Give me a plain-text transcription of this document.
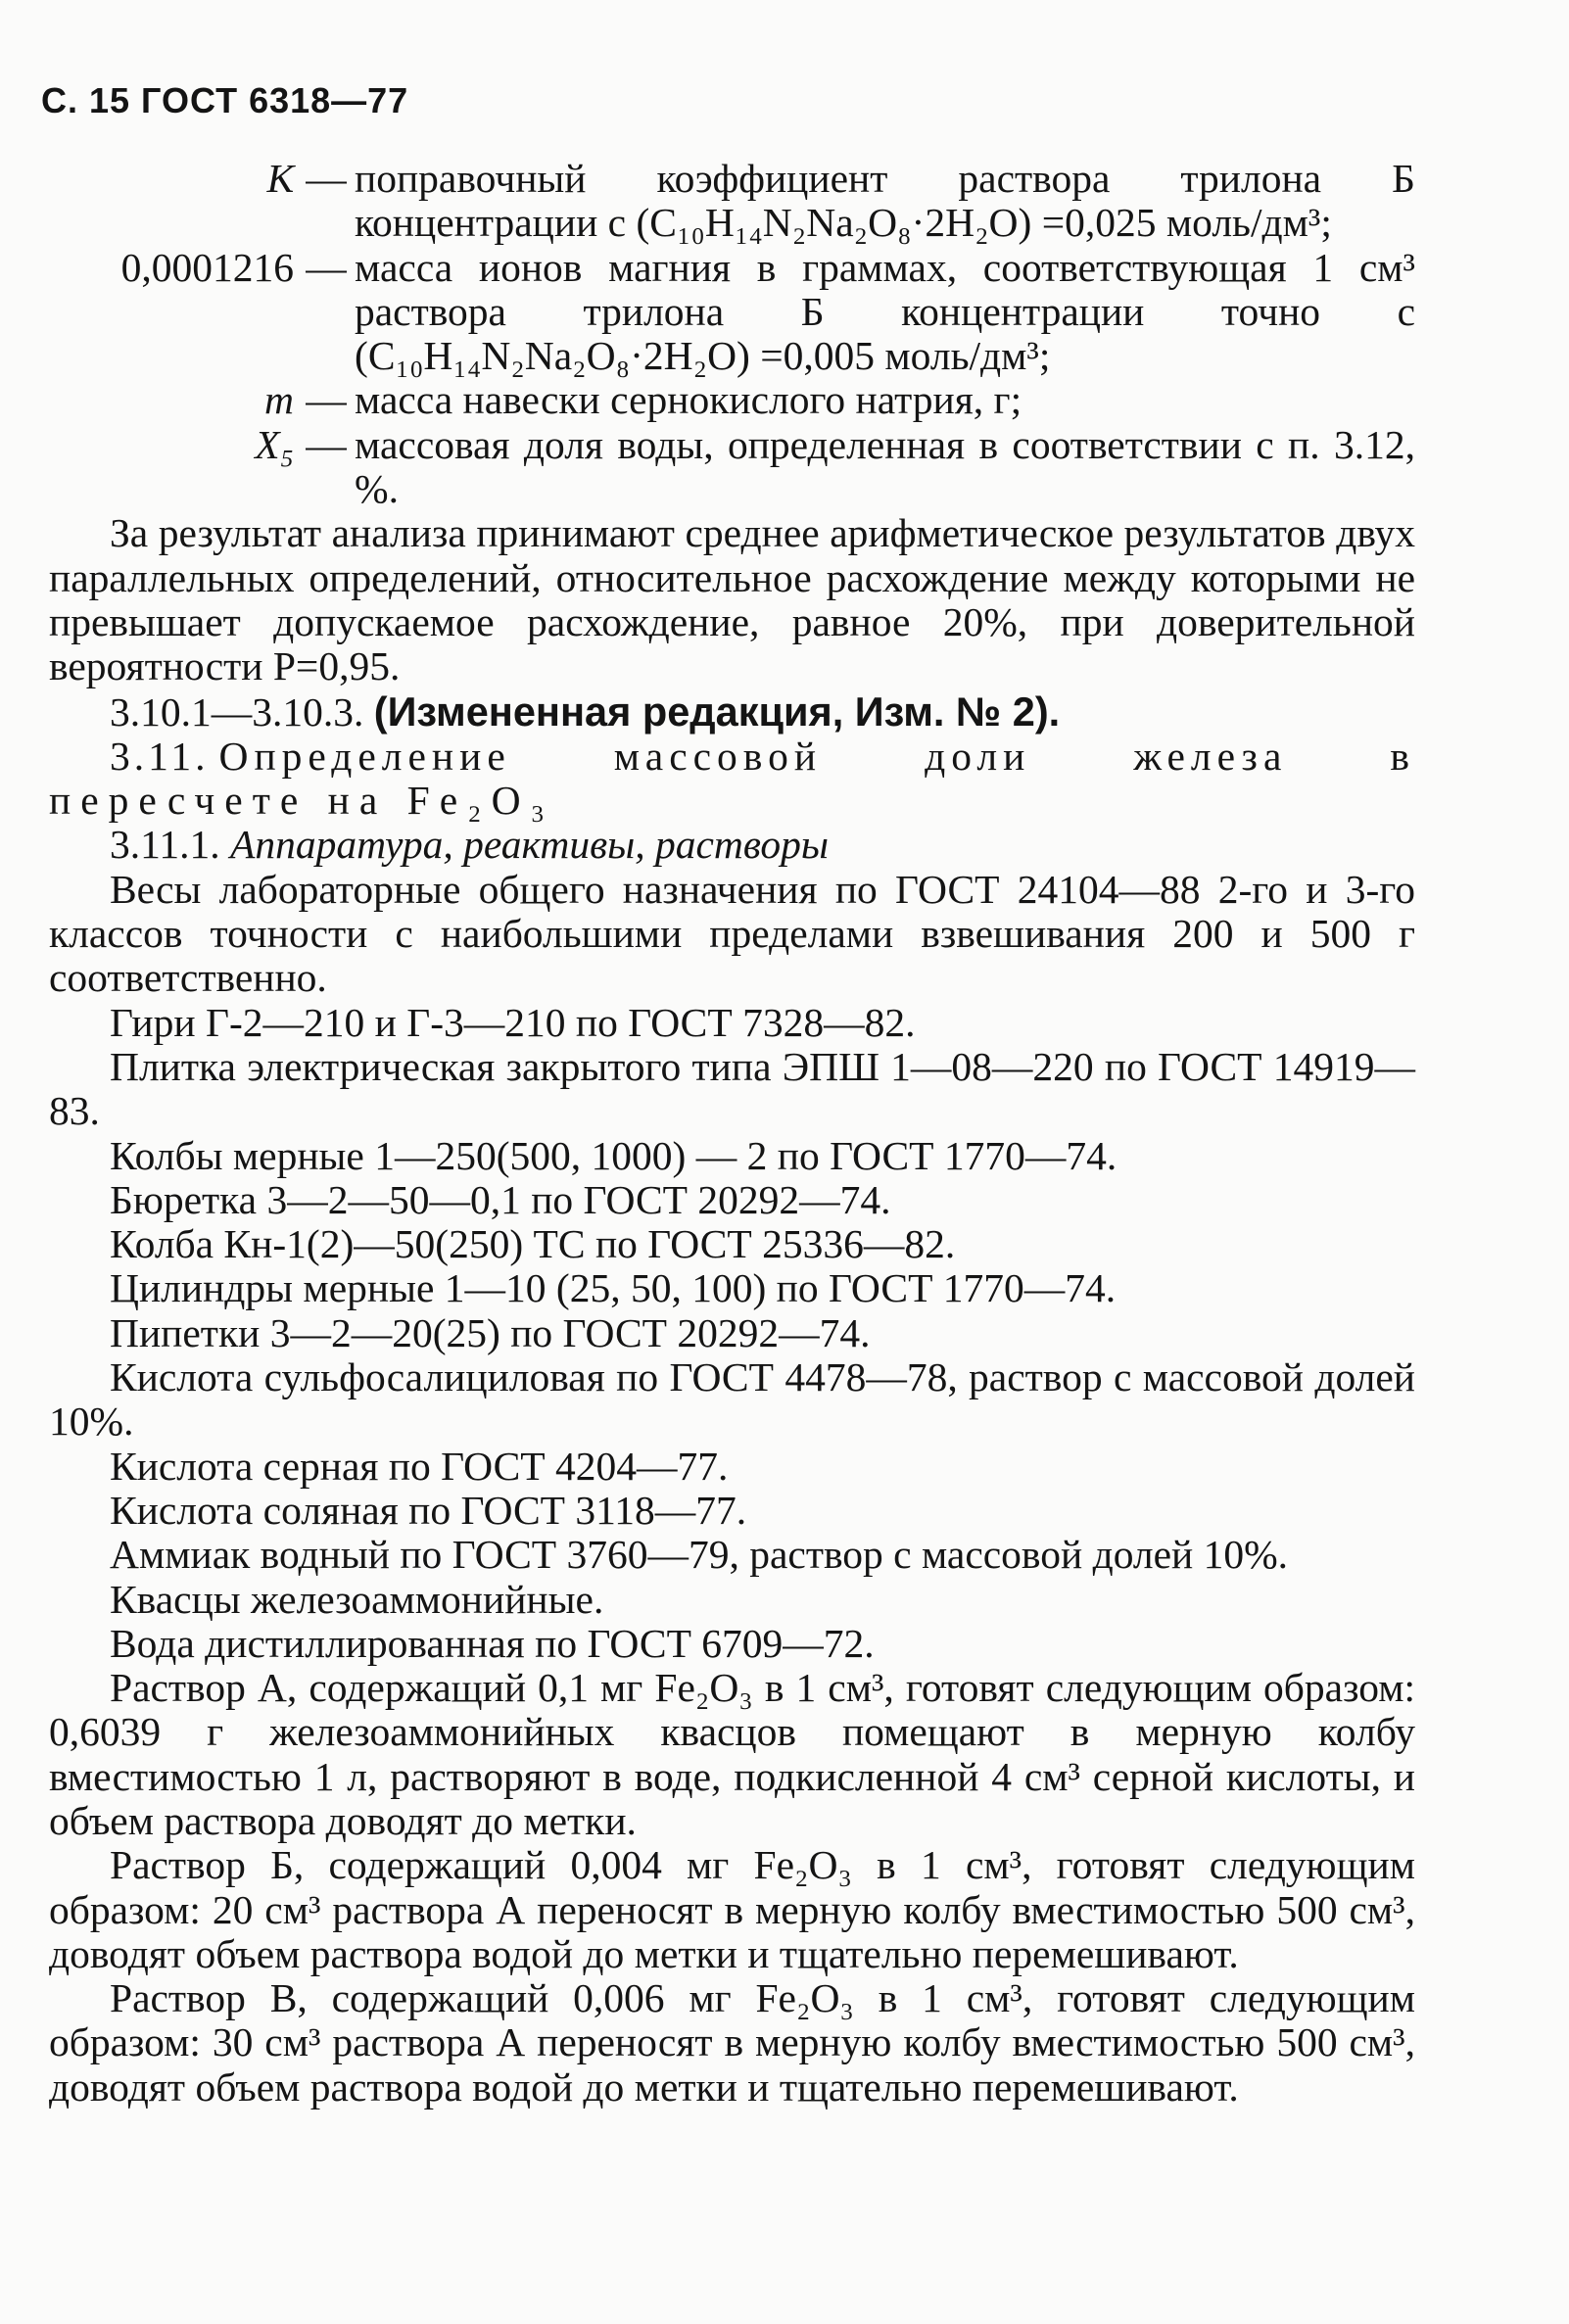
С. 15 ГОСТ 6318—77
К — поправочный коэффициент раствора трилона Б концентрации c (C₁₀H₁₄N₂Na₂O₈·2H₂O) =0,025 моль/дм³;
0,0001216 — масса ионов магния в граммах, соответствующая 1 см³ раствора трилона Б концентрации точно c (C₁₀H₁₄N₂Na₂O₈·2H₂O) =0,005 моль/дм³;
m — масса навески сернокислого натрия, г;
X₅ — массовая доля воды, определенная в соответствии с п. 3.12, %.

За результат анализа принимают среднее арифметическое результатов двух параллельных определений, относительное расхождение между которыми не превышает допускаемое расхождение, равное 20%, при доверительной вероятности P=0,95.

3.10.1—3.10.3. (Измененная редакция, Изм. № 2).

3.11. Определение массовой доли железа в

пересчете на Fe₂O₃

3.11.1. Аппаратура, реактивы, растворы

Весы лабораторные общего назначения по ГОСТ 24104—88 2-го и 3-го классов точности с наибольшими пределами взвешивания 200 и 500 г соответственно.

Гири Г-2—210 и Г-3—210 по ГОСТ 7328—82.

Плитка электрическая закрытого типа ЭПШ 1—08—220 по ГОСТ 14919—83.

Колбы мерные 1—250(500, 1000) — 2 по ГОСТ 1770—74.

Бюретка 3—2—50—0,1 по ГОСТ 20292—74.

Колба Кн-1(2)—50(250) ТС по ГОСТ 25336—82.

Цилиндры мерные 1—10 (25, 50, 100) по ГОСТ 1770—74.

Пипетки 3—2—20(25) по ГОСТ 20292—74.

Кислота сульфосалициловая по ГОСТ 4478—78, раствор с массовой долей 10%.

Кислота серная по ГОСТ 4204—77.

Кислота соляная по ГОСТ 3118—77.

Аммиак водный по ГОСТ 3760—79, раствор с массовой долей 10%.

Квасцы железоаммонийные.

Вода дистиллированная по ГОСТ 6709—72.

Раствор А, содержащий 0,1 мг Fe₂O₃ в 1 см³, готовят следующим образом: 0,6039 г железоаммонийных квасцов помещают в мерную колбу вместимостью 1 л, растворяют в воде, подкисленной 4 см³ серной кислоты, и объем раствора доводят до метки.

Раствор Б, содержащий 0,004 мг Fe₂O₃ в 1 см³, готовят следующим образом: 20 см³ раствора А переносят в мерную колбу вместимостью 500 см³, доводят объем раствора водой до метки и тщательно перемешивают.

Раствор В, содержащий 0,006 мг Fe₂O₃ в 1 см³, готовят следующим образом: 30 см³ раствора А переносят в мерную колбу вместимостью 500 см³, доводят объем раствора водой до метки и тщательно перемешивают.
